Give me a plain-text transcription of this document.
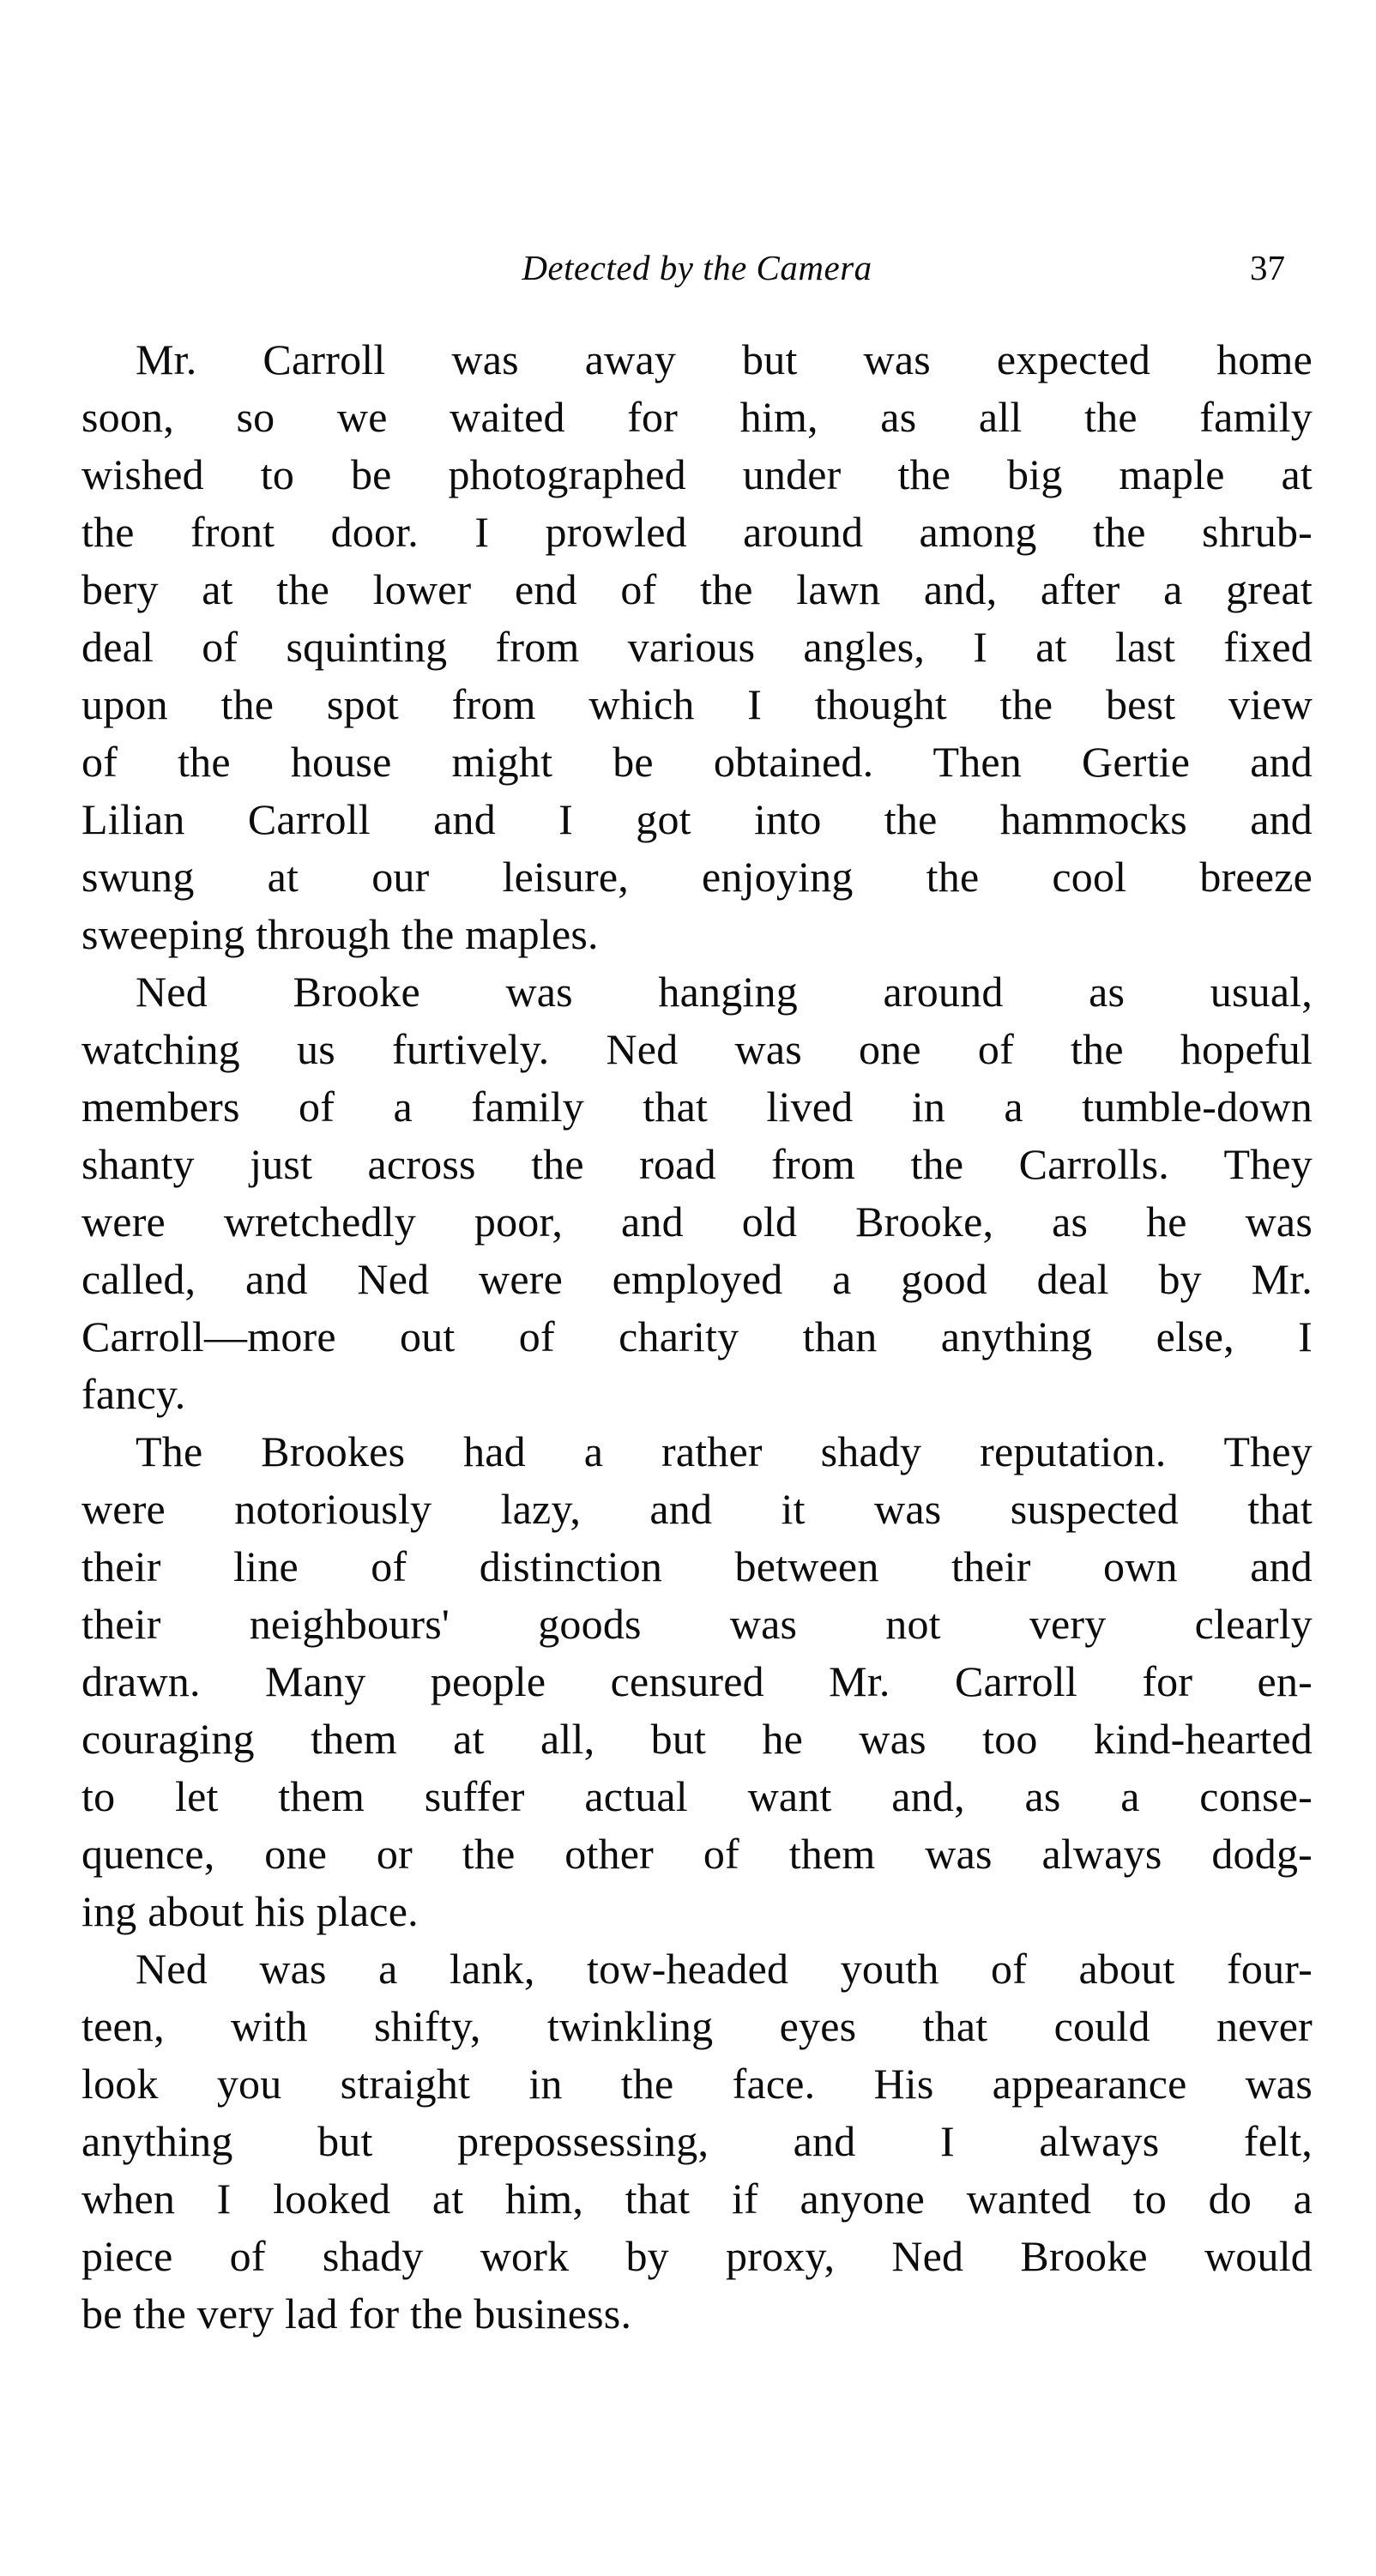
Detected by the Camera	37
Mr. Carroll was away but was expected home
soon, so we waited for him, as all the family
wished to be photographed under the big maple at
the front door. I prowled around among the shrub-
bery at the lower end of the lawn and, after a great
deal of squinting from various angles, I at last fixed
upon the spot from which I thought the best view
of the house might be obtained. Then Gertie and
Lilian Carroll and I got into the hammocks and
swung at our leisure, enjoying the cool breeze
sweeping through the maples.
Ned Brooke was hanging around as usual,
watching us furtively. Ned was one of the hopeful
members of a family that lived in a tumble-down
shanty just across the road from the Carrolls. They
were wretchedly poor, and old Brooke, as he was
called, and Ned were employed a good deal by Mr.
Carroll—more out of charity than anything else, I
fancy.
The Brookes had a rather shady reputation. They
were notoriously lazy, and it was suspected that
their line of distinction between their own and
their neighbours' goods was not very clearly
drawn. Many people censured Mr. Carroll for en-
couraging them at all, but he was too kind-hearted
to let them suffer actual want and, as a conse-
quence, one or the other of them was always dodg-
ing about his place.
Ned was a lank, tow-headed youth of about four-
teen, with shifty, twinkling eyes that could never
look you straight in the face. His appearance was
anything but prepossessing, and I always felt,
when I looked at him, that if anyone wanted to do a
piece of shady work by proxy, Ned Brooke would
be the very lad for the business.
